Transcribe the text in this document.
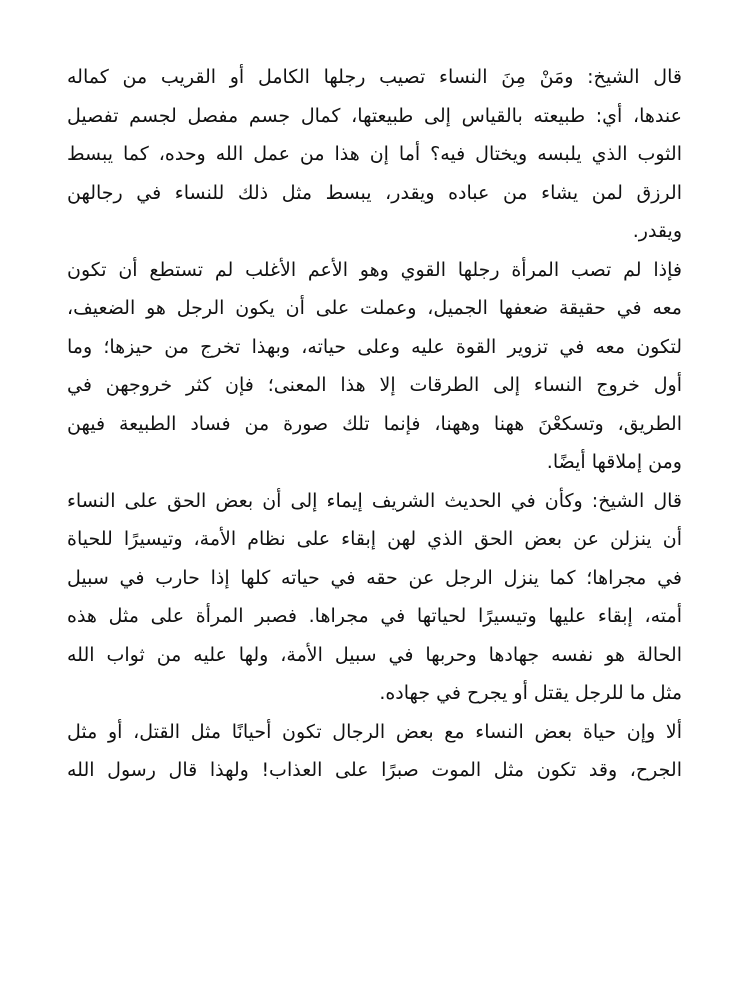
قال الشيخ: ومَنْ مِنَ النساء تصيب رجلها الكامل أو القريب من كماله
عندها، أي: طبيعته بالقياس إلى طبيعتها، كمال جسم مفصل لجسم تفصيل
الثوب الذي يلبسه ويختال فيه؟ أما إن هذا من عمل الله وحده، كما يبسط
الرزق لمن يشاء من عباده ويقدر، يبسط مثل ذلك للنساء في رجالهن
ويقدر.

فإذا لم تصب المرأة رجلها القوي وهو الأعم الأغلب لم تستطع أن تكون
معه في حقيقة ضعفها الجميل، وعملت على أن يكون الرجل هو الضعيف،
لتكون معه في تزوير القوة عليه وعلى حياته، وبهذا تخرج من حيزها؛ وما
أول خروج النساء إلى الطرقات إلا هذا المعنى؛ فإن كثر خروجهن في
الطريق، وتسكعْنَ ههنا وههنا، فإنما تلك صورة من فساد الطبيعة فيهن
ومن إملاقها أيضًا.

قال الشيخ: وكأن في الحديث الشريف إيماء إلى أن بعض الحق على النساء
أن ينزلن عن بعض الحق الذي لهن إبقاء على نظام الأمة، وتيسيرًا للحياة
في مجراها؛ كما ينزل الرجل عن حقه في حياته كلها إذا حارب في سبيل
أمته، إبقاء عليها وتيسيرًا لحياتها في مجراها. فصبر المرأة على مثل هذه
الحالة هو نفسه جهادها وحربها في سبيل الأمة، ولها عليه من ثواب الله
مثل ما للرجل يقتل أو يجرح في جهاده.

ألا وإن حياة بعض النساء مع بعض الرجال تكون أحيانًا مثل القتل، أو مثل
الجرح، وقد تكون مثل الموت صبرًا على العذاب! ولهذا قال رسول الله
